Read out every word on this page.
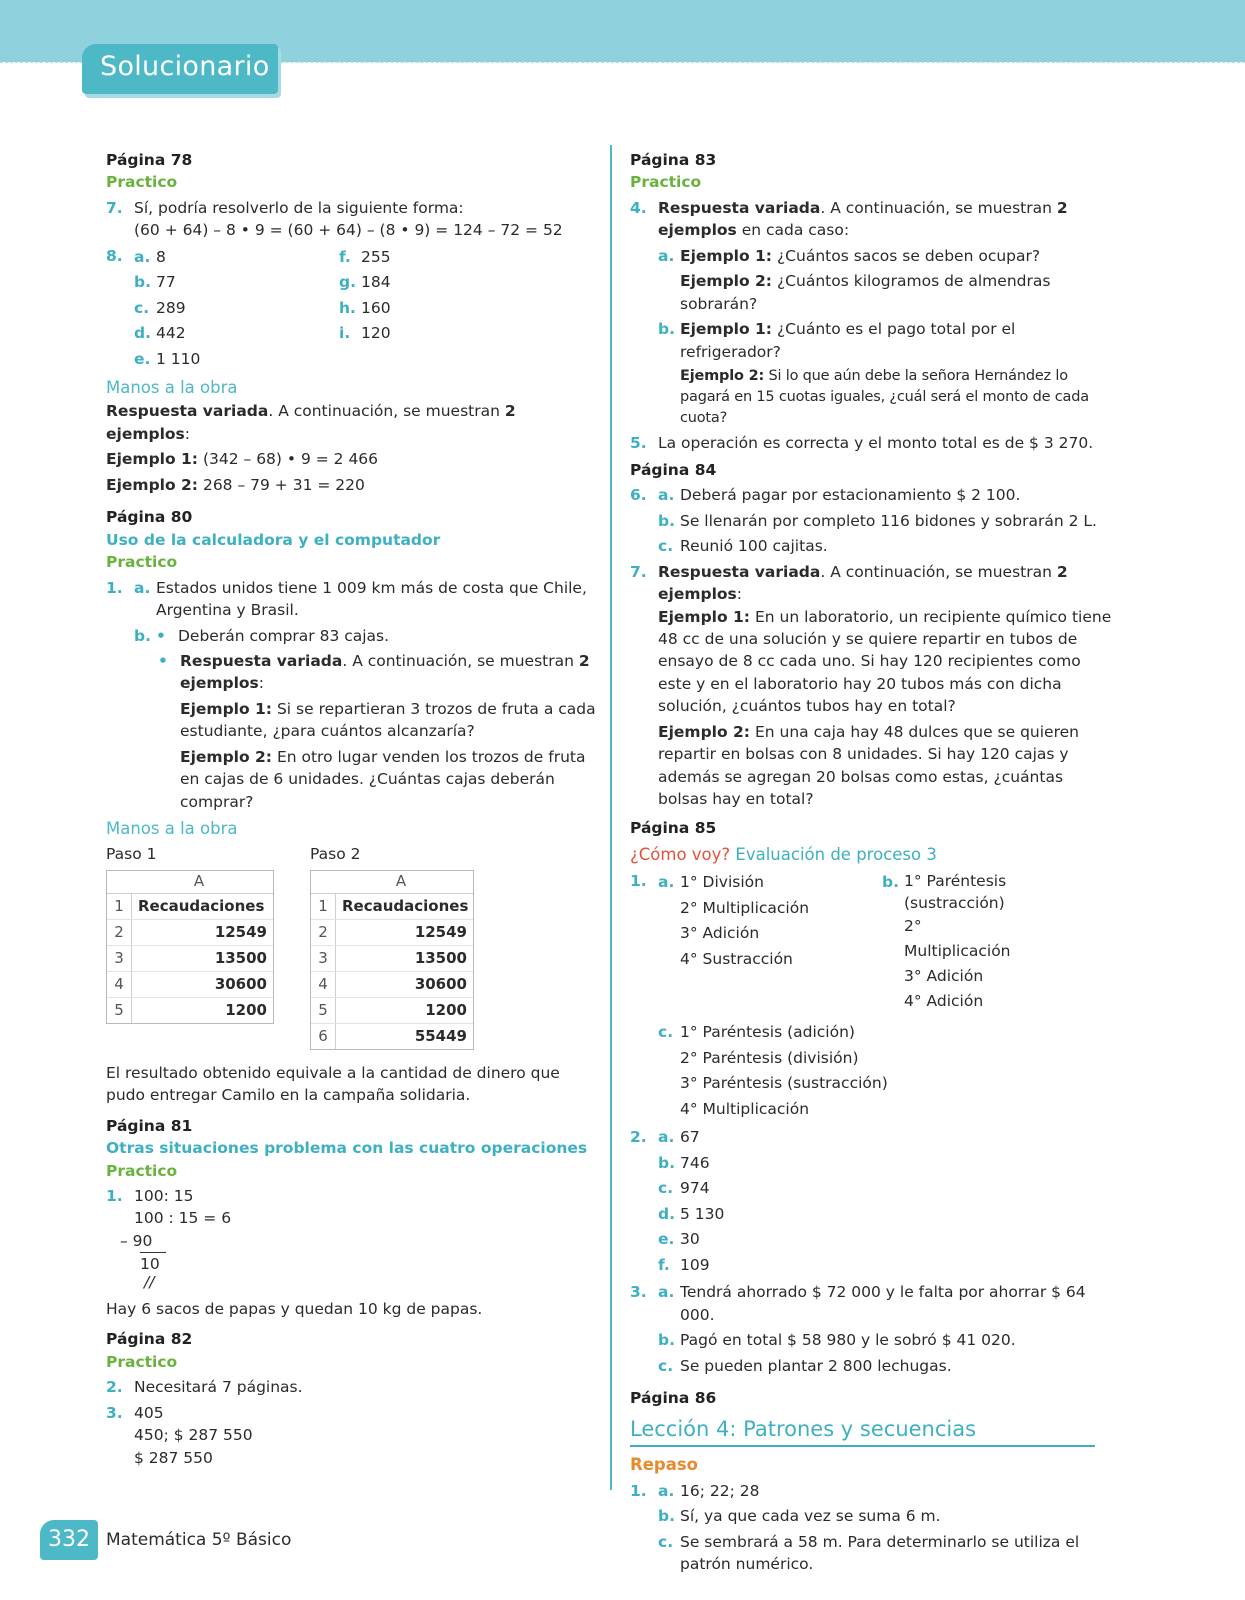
Solucionario
Página 78
Practico
7. Sí, podría resolverlo de la siguiente forma:
(60 + 64) – 8 • 9 = (60 + 64) – (8 • 9) = 124 – 72 = 52
8. a. 8
b. 77
c. 289
d. 442
e. 1 110
f. 255
g. 184
h. 160
i. 120
Manos a la obra
Respuesta variada. A continuación, se muestran 2 ejemplos:
Ejemplo 1: (342 – 68) • 9 = 2 466
Ejemplo 2: 268 – 79 + 31 = 220
Página 80
Uso de la calculadora y el computador
Practico
1. a. Estados unidos tiene 1 009 km más de costa que Chile, Argentina y Brasil.
b. • Deberán comprar 83 cajas.
• Respuesta variada. A continuación, se muestran 2 ejemplos:
Ejemplo 1: Si se repartieran 3 trozos de fruta a cada estudiante, ¿para cuántos alcanzaría?
Ejemplo 2: En otro lugar venden los trozos de fruta en cajas de 6 unidades. ¿Cuántas cajas deberán comprar?
Manos a la obra
Paso 1
A
1 Recaudaciones
2	12549
3	13500
4	30600
5	1200
Paso 2
A
1 Recaudaciones
2	12549
3	13500
4	30600
5	1200
6	55449
El resultado obtenido equivale a la cantidad de dinero que pudo entregar Camilo en la campaña solidaria.
Página 81
Otras situaciones problema con las cuatro operaciones
Practico
1. 100: 15
100 : 15 = 6
– 90
10
//
Hay 6 sacos de papas y quedan 10 kg de papas.
Página 82
Practico
2. Necesitará 7 páginas.
3. 405
450; $ 287 550
$ 287 550
Página 83
Practico
4. Respuesta variada. A continuación, se muestran 2 ejemplos en cada caso:
a. Ejemplo 1: ¿Cuántos sacos se deben ocupar?
Ejemplo 2: ¿Cuántos kilogramos de almendras sobrarán?
b. Ejemplo 1: ¿Cuánto es el pago total por el refrigerador?
Ejemplo 2: Si lo que aún debe la señora Hernández lo pagará en 15 cuotas iguales, ¿cuál será el monto de cada cuota?
5. La operación es correcta y el monto total es de $ 3 270.
Página 84
6. a. Deberá pagar por estacionamiento $ 2 100.
b. Se llenarán por completo 116 bidones y sobrarán 2 L.
c. Reunió 100 cajitas.
7. Respuesta variada. A continuación, se muestran 2 ejemplos:
Ejemplo 1: En un laboratorio, un recipiente químico tiene 48 cc de una solución y se quiere repartir en tubos de ensayo de 8 cc cada uno. Si hay 120 recipientes como este y en el laboratorio hay 20 tubos más con dicha solución, ¿cuántos tubos hay en total?
Ejemplo 2: En una caja hay 48 dulces que se quieren repartir en bolsas con 8 unidades. Si hay 120 cajas y además se agregan 20 bolsas como estas, ¿cuántas bolsas hay en total?
Página 85
¿Cómo voy? Evaluación de proceso 3
1. a. 1° División
2° Multiplicación
3° Adición
4° Sustracción
b. 1° Paréntesis (sustracción)
2° Multiplicación
3° Adición
4° Adición
c. 1° Paréntesis (adición)
2° Paréntesis (división)
3° Paréntesis (sustracción)
4° Multiplicación
2. a. 67
b. 746
c. 974
d. 5 130
e. 30
f. 109
3. a. Tendrá ahorrado $ 72 000 y le falta por ahorrar $ 64 000.
b. Pagó en total $ 58 980 y le sobró $ 41 020.
c. Se pueden plantar 2 800 lechugas.
Página 86
Lección 4: Patrones y secuencias
Repaso
1. a. 16; 22; 28
b. Sí, ya que cada vez se suma 6 m.
c. Se sembrará a 58 m. Para determinarlo se utiliza el patrón numérico.
332 Matemática 5º Básico
